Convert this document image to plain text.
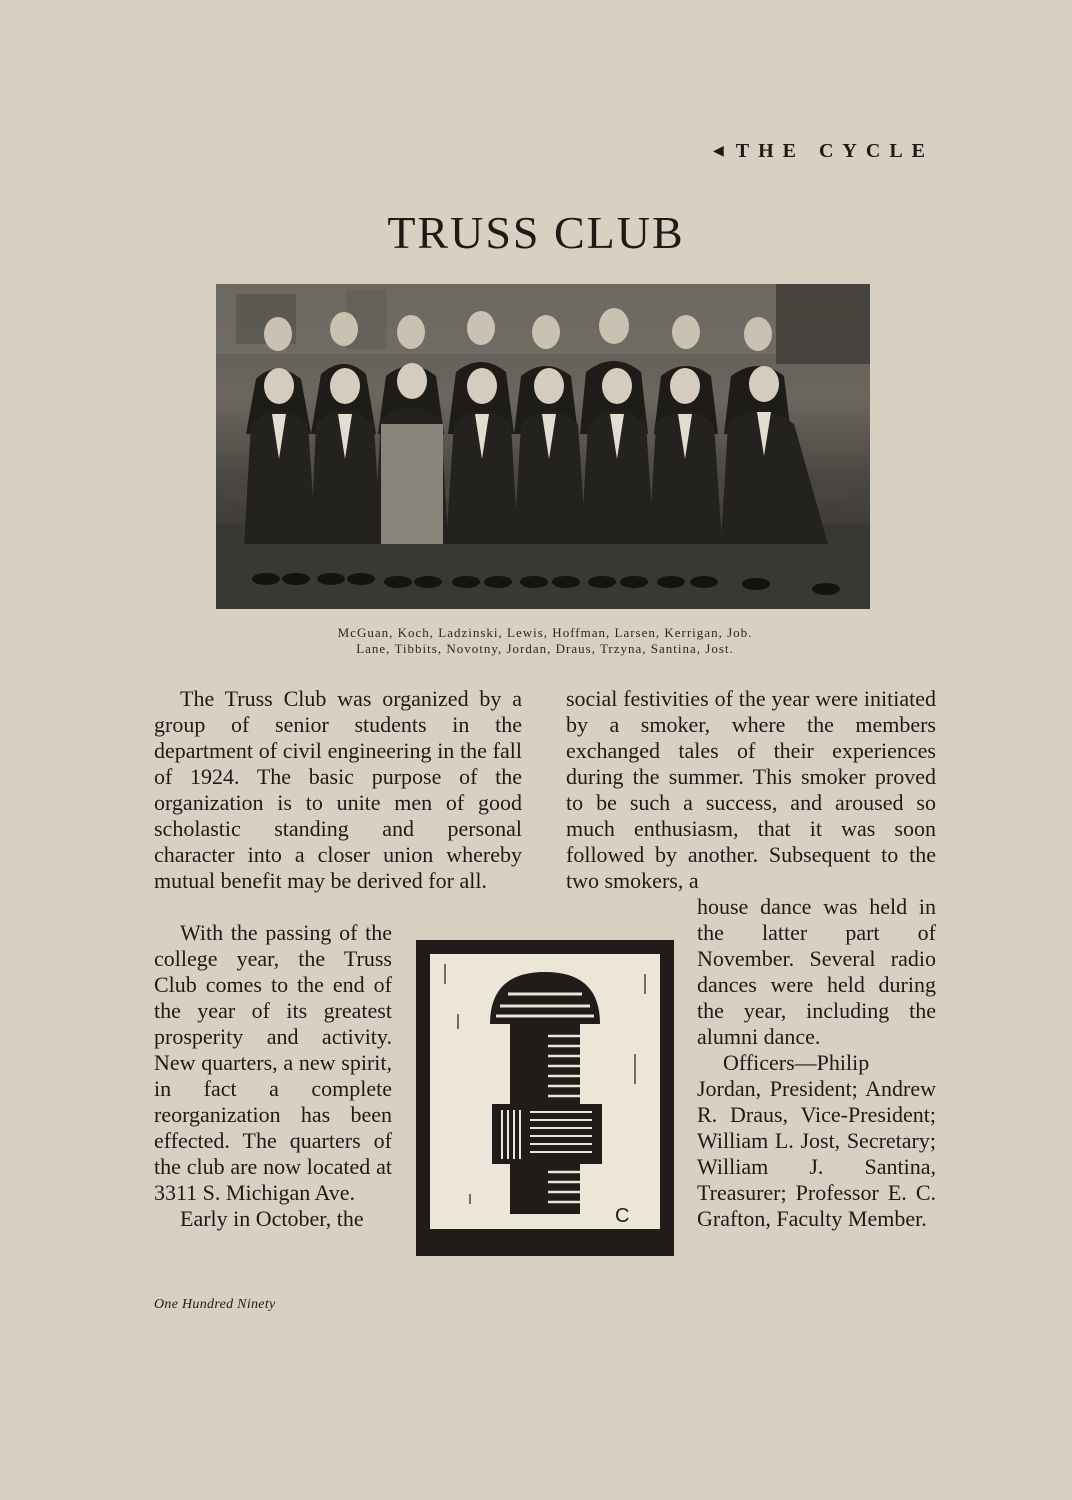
◀ THE CYCLE
TRUSS CLUB
McGuan, Koch, Ladzinski, Lewis, Hoffman, Larsen, Kerrigan, Job.
Lane, Tibbits, Novotny, Jordan, Draus, Trzyna, Santina, Jost.

The Truss Club was organized by a group of senior students in the department of civil engineering in the fall of 1924. The basic purpose of the organization is to unite men of good scholastic standing and personal character into a closer union whereby mutual benefit may be derived for all.

With the passing of the college year, the Truss Club comes to the end of the year of its greatest prosperity and activity. New quarters, a new spirit, in fact a complete reorganization has been effected. The quarters of the club are now located at 3311 S. Michigan Ave.

Early in October, the

social festivities of the year were initiated by a smoker, where the members exchanged tales of their experiences during the summer. This smoker proved to be such a success, and aroused so much enthusiasm, that it was soon followed by another. Subsequent to the two smokers, a

house dance was held in the latter part of November. Several radio dances were held during the year, including the alumni dance.

Officers—Philip Jordan, President; Andrew R. Draus, Vice-President; William L. Jost, Secretary; William J. Santina, Treasurer; Professor E. C. Grafton, Faculty Member.

C
One Hundred Ninety
